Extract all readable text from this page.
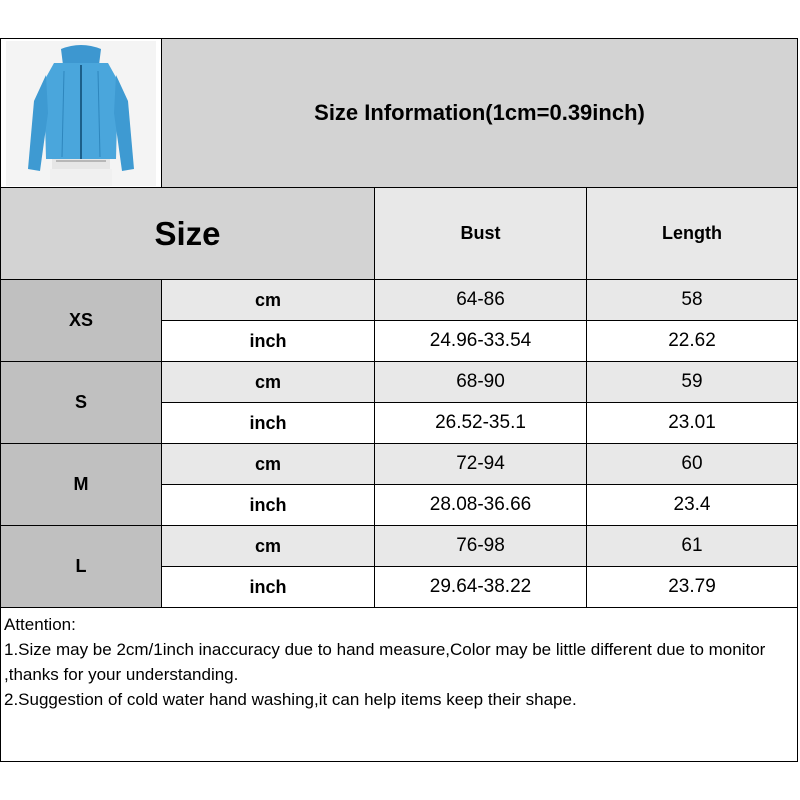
Size Information(1cm=0.39inch)
Size	Bust	Length
XS
cm	64-86	58
inch	24.96-33.54	22.62
S
cm	68-90	59
inch	26.52-35.1	23.01
M
cm	72-94	60
inch	28.08-36.66	23.4
L
cm	76-98	61
inch	29.64-38.22	23.79
Attention:
1.Size may be 2cm/1inch inaccuracy due to hand measure,Color may be little different due to monitor ,thanks for your understanding.
2.Suggestion of cold water hand washing,it can help items keep their shape.
